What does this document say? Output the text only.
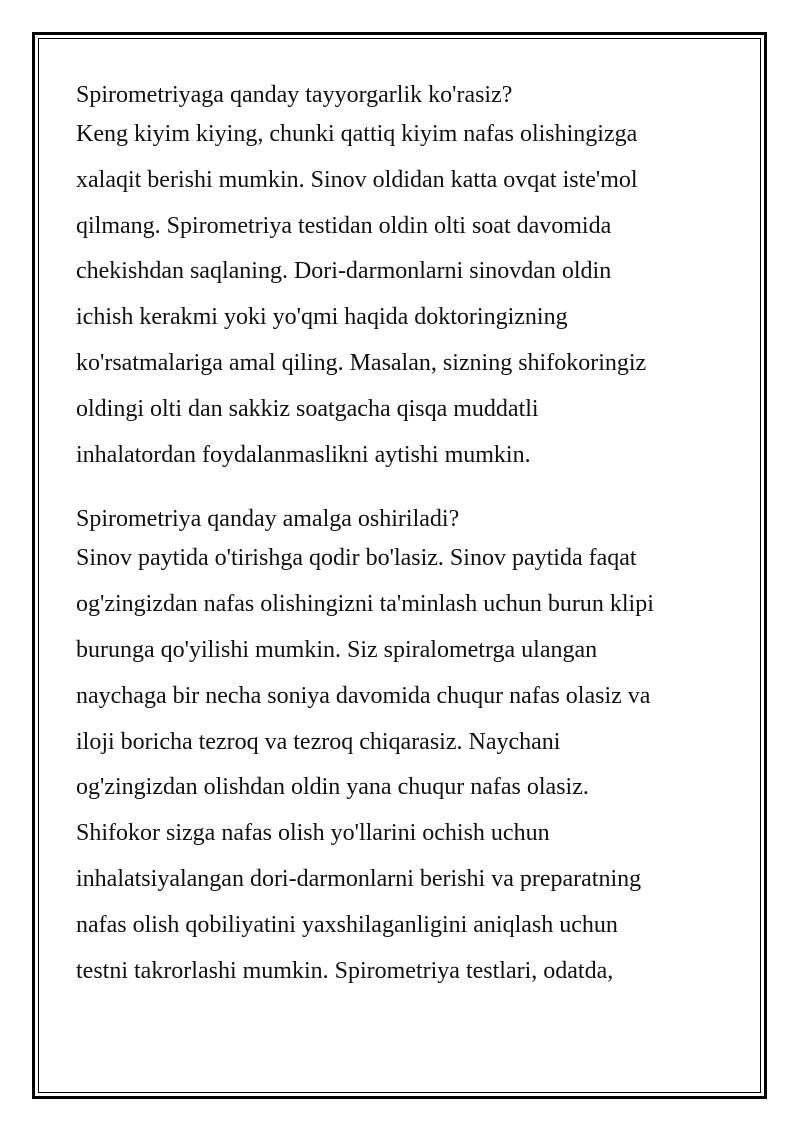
Spirometriyaga qanday tayyorgarlik ko'rasiz?
Keng kiyim kiying, chunki qattiq kiyim nafas olishingizga
xalaqit berishi mumkin. Sinov oldidan katta ovqat iste'mol
qilmang. Spirometriya testidan oldin olti soat davomida
chekishdan saqlaning. Dori-darmonlarni sinovdan oldin
ichish kerakmi yoki yo'qmi haqida doktoringizning
ko'rsatmalariga amal qiling. Masalan, sizning shifokoringiz
oldingi olti dan sakkiz soatgacha qisqa muddatli
inhalatordan foydalanmaslikni aytishi mumkin.
Spirometriya qanday amalga oshiriladi?
Sinov paytida o'tirishga qodir bo'lasiz. Sinov paytida faqat
og'zingizdan nafas olishingizni ta'minlash uchun burun klipi
burunga qo'yilishi mumkin. Siz spiralometrga ulangan
naychaga bir necha soniya davomida chuqur nafas olasiz va
iloji boricha tezroq va tezroq chiqarasiz. Naychani
og'zingizdan olishdan oldin yana chuqur nafas olasiz.
Shifokor sizga nafas olish yo'llarini ochish uchun
inhalatsiyalangan dori-darmonlarni berishi va preparatning
nafas olish qobiliyatini yaxshilaganligini aniqlash uchun
testni takrorlashi mumkin. Spirometriya testlari, odatda,
